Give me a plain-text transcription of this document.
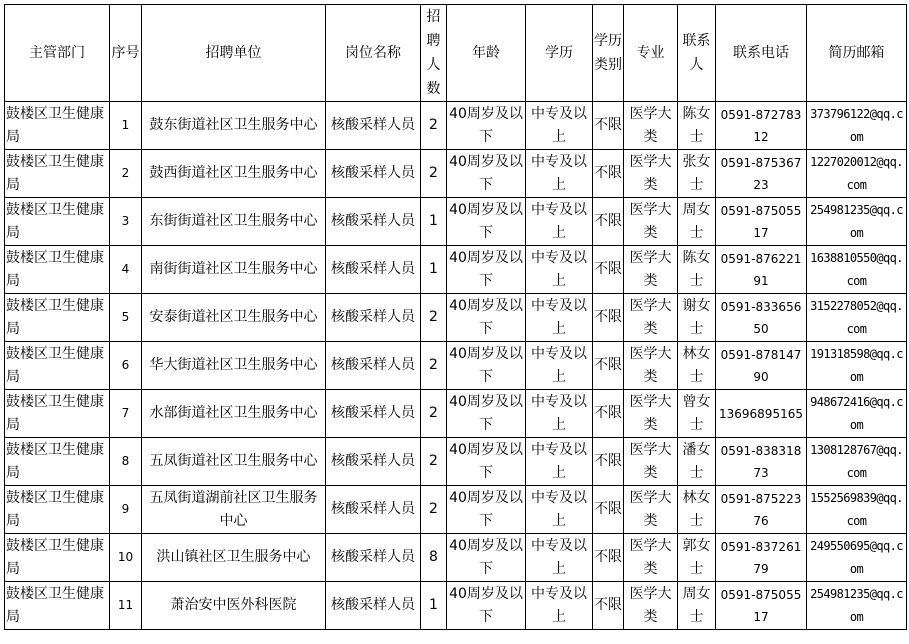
主管部门	序号	招聘单位	岗位名称	招聘人数	年龄	学历	学历类别	专业	联系人	联系电话	简历邮箱
鼓楼区卫生健康局	1	鼓东街道社区卫生服务中心	核酸采样人员	2	40周岁及以下	中专及以上	不限	医学大类	陈女士	0591-87278312	373796122@qq.com
鼓楼区卫生健康局	2	鼓西街道社区卫生服务中心	核酸采样人员	2	40周岁及以下	中专及以上	不限	医学大类	张女士	0591-87536723	1227020012@qq.com
鼓楼区卫生健康局	3	东街街道社区卫生服务中心	核酸采样人员	1	40周岁及以下	中专及以上	不限	医学大类	周女士	0591-87505517	254981235@qq.com
鼓楼区卫生健康局	4	南街街道社区卫生服务中心	核酸采样人员	1	40周岁及以下	中专及以上	不限	医学大类	陈女士	0591-87622191	1638810550@qq.com
鼓楼区卫生健康局	5	安泰街道社区卫生服务中心	核酸采样人员	2	40周岁及以下	中专及以上	不限	医学大类	谢女士	0591-83365650	3152278052@qq.com
鼓楼区卫生健康局	6	华大街道社区卫生服务中心	核酸采样人员	2	40周岁及以下	中专及以上	不限	医学大类	林女士	0591-87814790	191318598@qq.com
鼓楼区卫生健康局	7	水部街道社区卫生服务中心	核酸采样人员	2	40周岁及以下	中专及以上	不限	医学大类	曾女士	13696895165	948672416@qq.com
鼓楼区卫生健康局	8	五凤街道社区卫生服务中心	核酸采样人员	2	40周岁及以下	中专及以上	不限	医学大类	潘女士	0591-83831873	1308128767@qq.com
鼓楼区卫生健康局	9	五凤街道湖前社区卫生服务中心	核酸采样人员	2	40周岁及以下	中专及以上	不限	医学大类	林女士	0591-87522376	1552569839@qq.com
鼓楼区卫生健康局	10	洪山镇社区卫生服务中心	核酸采样人员	8	40周岁及以下	中专及以上	不限	医学大类	郭女士	0591-83726179	249550695@qq.com
鼓楼区卫生健康局	11	萧治安中医外科医院	核酸采样人员	1	40周岁及以下	中专及以上	不限	医学大类	周女士	0591-87505517	254981235@qq.com
